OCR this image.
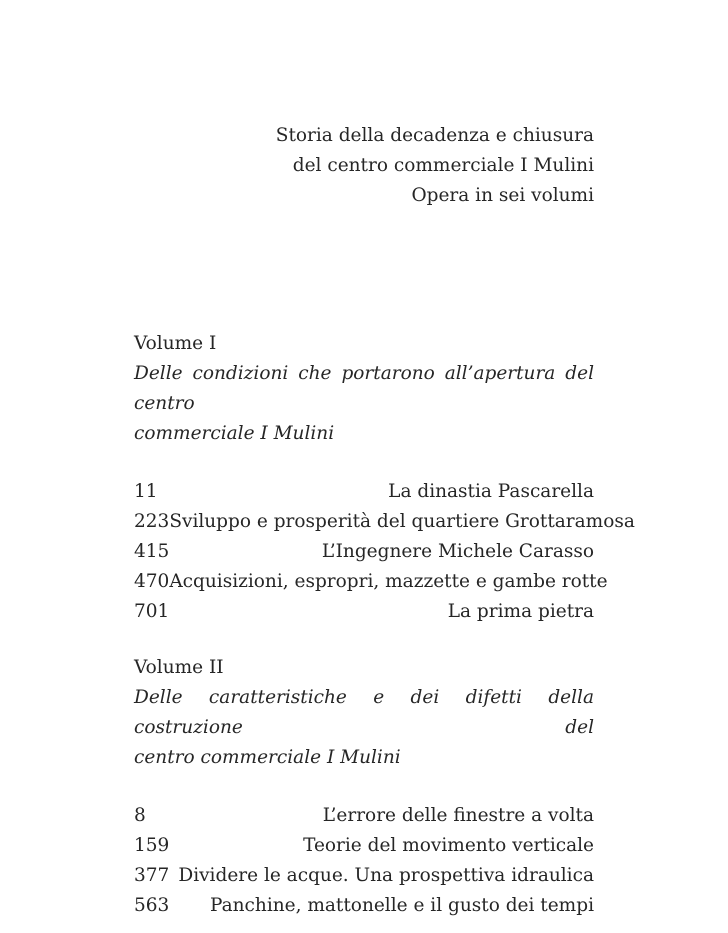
Storia della decadenza e chiusura
del centro commerciale I Mulini
Opera in sei volumi
Volume I
Delle condizioni che portarono all’apertura del centro
commerciale I Mulini
11	La dinastia Pascarella
223 Sviluppo e prosperità del quartiere Grottaramosa
415	L’Ingegnere Michele Carasso
470 Acquisizioni, espropri, mazzette e gambe rotte
701	La prima pietra
Volume II
Delle caratteristiche e dei difetti della costruzione del
centro commerciale I Mulini
8	L’errore delle finestre a volta
159	Teorie del movimento verticale
377 Dividere le acque. Una prospettiva idraulica
563 Panchine, mattonelle e il gusto dei tempi
